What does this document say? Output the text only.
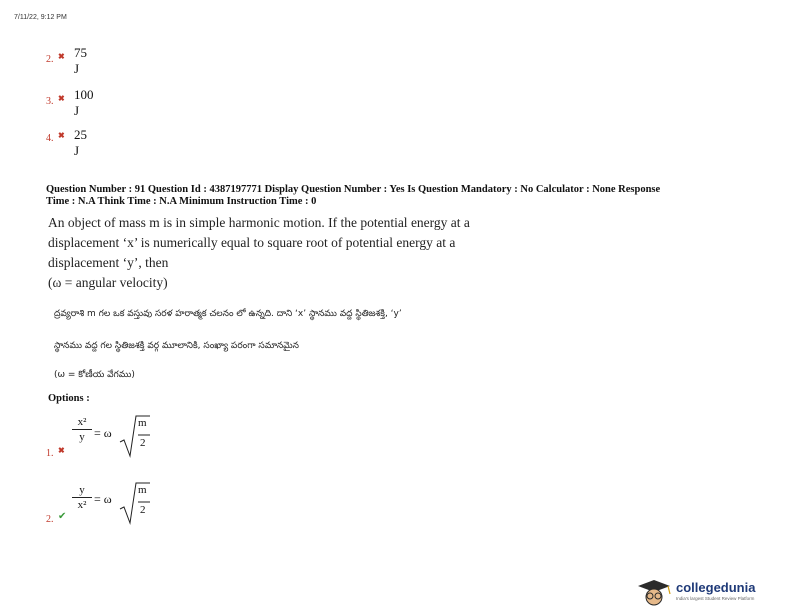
7/11/22, 9:12 PM
2. ✖ 75 J
3. ✖ 100 J
4. ✖ 25 J
Question Number : 91 Question Id : 4387197771 Display Question Number : Yes Is Question Mandatory : No Calculator : None Response
Time : N.A Think Time : N.A Minimum Instruction Time : 0
An object of mass m is in simple harmonic motion. If the potential energy at a
displacement ‘x’ is numerically equal to square root of potential energy at a
displacement ‘y’, then
(ω = angular velocity)
ద్రవ్యరాశి m గల ఒక వస్తువు సరళ హరాత్మక చలనం లో ఉన్నది. దాని ‘x’ స్థానము వద్ద స్థితిజశక్తి, ‘y’
స్థానము వద్ద గల స్థితిజశక్తి వర్గ మూలానికి, సంఖ్యా పరంగా సమానమైన
(ω = కోణీయ వేగము)
Options :
1. ✖
x²
y = ω
m
2
2. ✔
y
x² = ω
m
2
collegedunia
India's largest Student Review Platform
